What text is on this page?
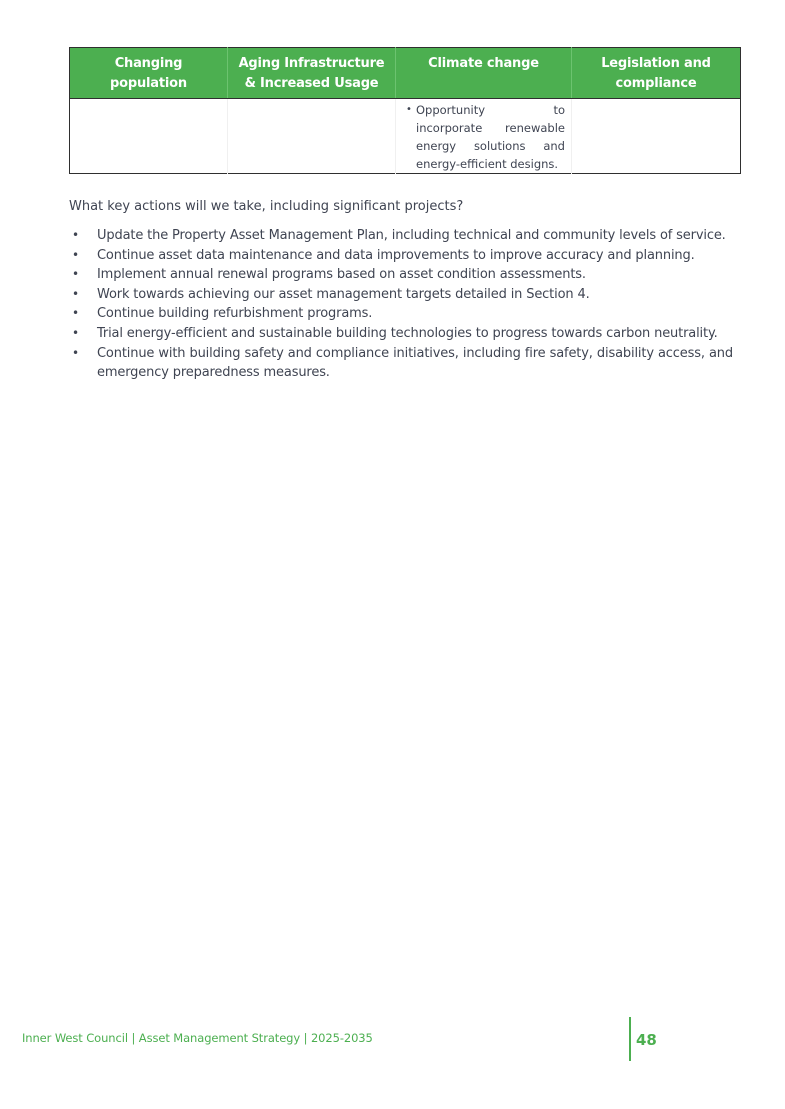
Changing population	Aging Infrastructure & Increased Usage	Climate change	Legislation and compliance

		• Opportunity to incorporate renewable energy solutions and energy-efficient designs.	

What key actions will we take, including significant projects?
•	Update the Property Asset Management Plan, including technical and community levels of service.
•	Continue asset data maintenance and data improvements to improve accuracy and planning.
•	Implement annual renewal programs based on asset condition assessments.
•	Work towards achieving our asset management targets detailed in Section 4.
•	Continue building refurbishment programs.
•	Trial energy-efficient and sustainable building technologies to progress towards carbon neutrality.
•	Continue with building safety and compliance initiatives, including fire safety, disability access, and emergency preparedness measures.
Inner West Council | Asset Management Strategy | 2025-2035	48
